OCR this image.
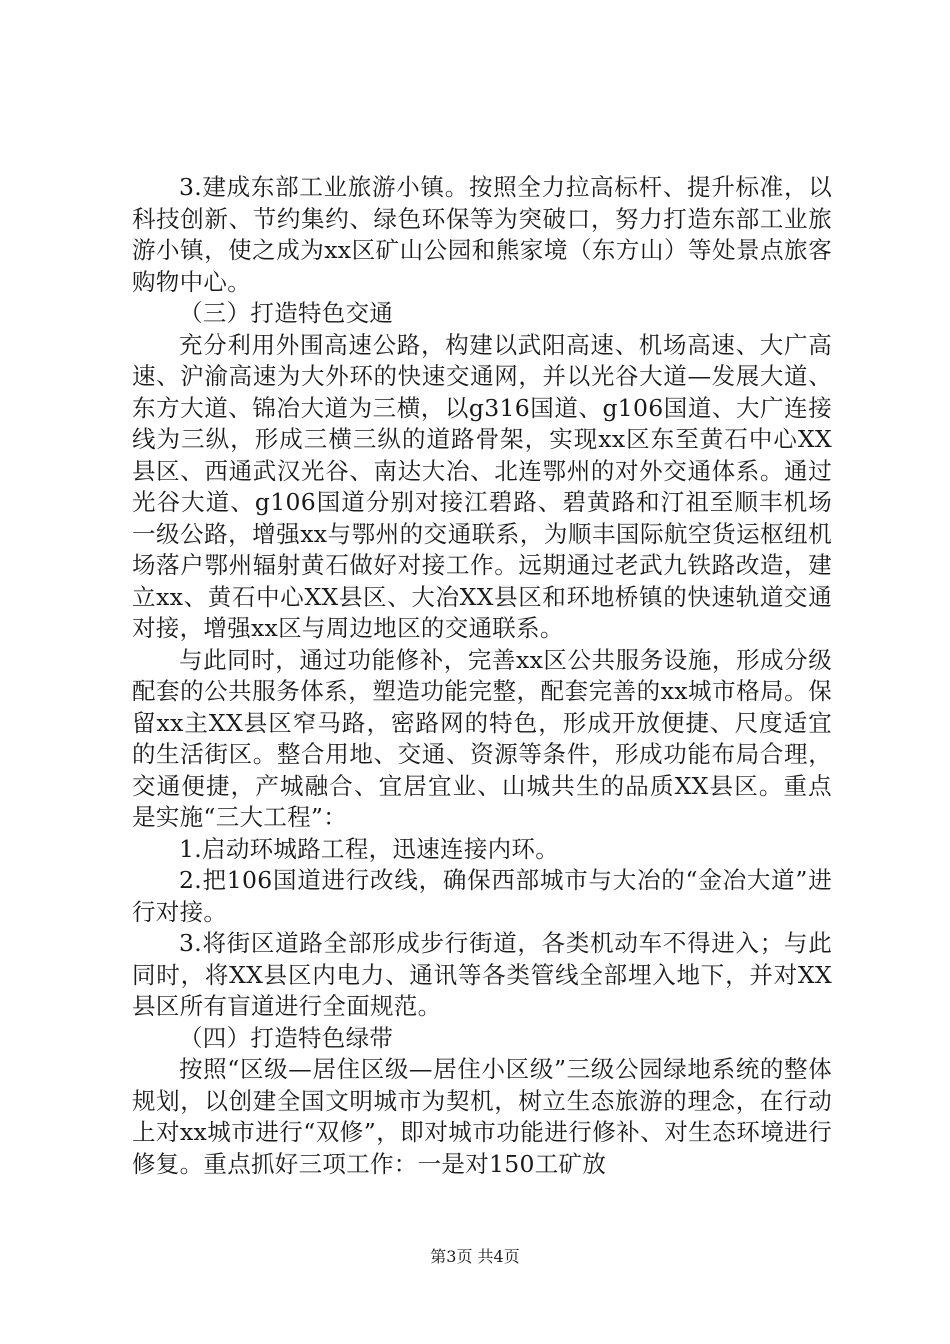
3.建成东部工业旅游小镇。按照全力拉高标杆、提升标准，以科技创新、节约集约、绿色环保等为突破口，努力打造东部工业旅游小镇，使之成为xx区矿山公园和熊家境（东方山）等处景点旅客购物中心。

（三）打造特色交通

充分利用外围高速公路，构建以武阳高速、机场高速、大广高速、沪渝高速为大外环的快速交通网，并以光谷大道—发展大道、东方大道、锦冶大道为三横，以g316国道、g106国道、大广连接线为三纵，形成三横三纵的道路骨架，实现xx区东至黄石中心XX县区、西通武汉光谷、南达大冶、北连鄂州的对外交通体系。通过光谷大道、g106国道分别对接江碧路、碧黄路和汀祖至顺丰机场一级公路，增强xx与鄂州的交通联系，为顺丰国际航空货运枢纽机场落户鄂州辐射黄石做好对接工作。远期通过老武九铁路改造，建立xx、黄石中心XX县区、大冶XX县区和环地桥镇的快速轨道交通对接，增强xx区与周边地区的交通联系。

与此同时，通过功能修补，完善xx区公共服务设施，形成分级配套的公共服务体系，塑造功能完整，配套完善的xx城市格局。保留xx主XX县区窄马路，密路网的特色，形成开放便捷、尺度适宜的生活街区。整合用地、交通、资源等条件，形成功能布局合理，交通便捷，产城融合、宜居宜业、山城共生的品质XX县区。重点是实施“三大工程”：

1.启动环城路工程，迅速连接内环。

2.把106国道进行改线，确保西部城市与大冶的“金冶大道”进行对接。

3.将街区道路全部形成步行街道，各类机动车不得进入；与此同时，将XX县区内电力、通讯等各类管线全部埋入地下，并对XX县区所有盲道进行全面规范。

（四）打造特色绿带

按照“区级—居住区级—居住小区级”三级公园绿地系统的整体规划，以创建全国文明城市为契机，树立生态旅游的理念，在行动上对xx城市进行“双修”，即对城市功能进行修补、对生态环境进行修复。重点抓好三项工作：一是对150工矿放

第3页 共4页
